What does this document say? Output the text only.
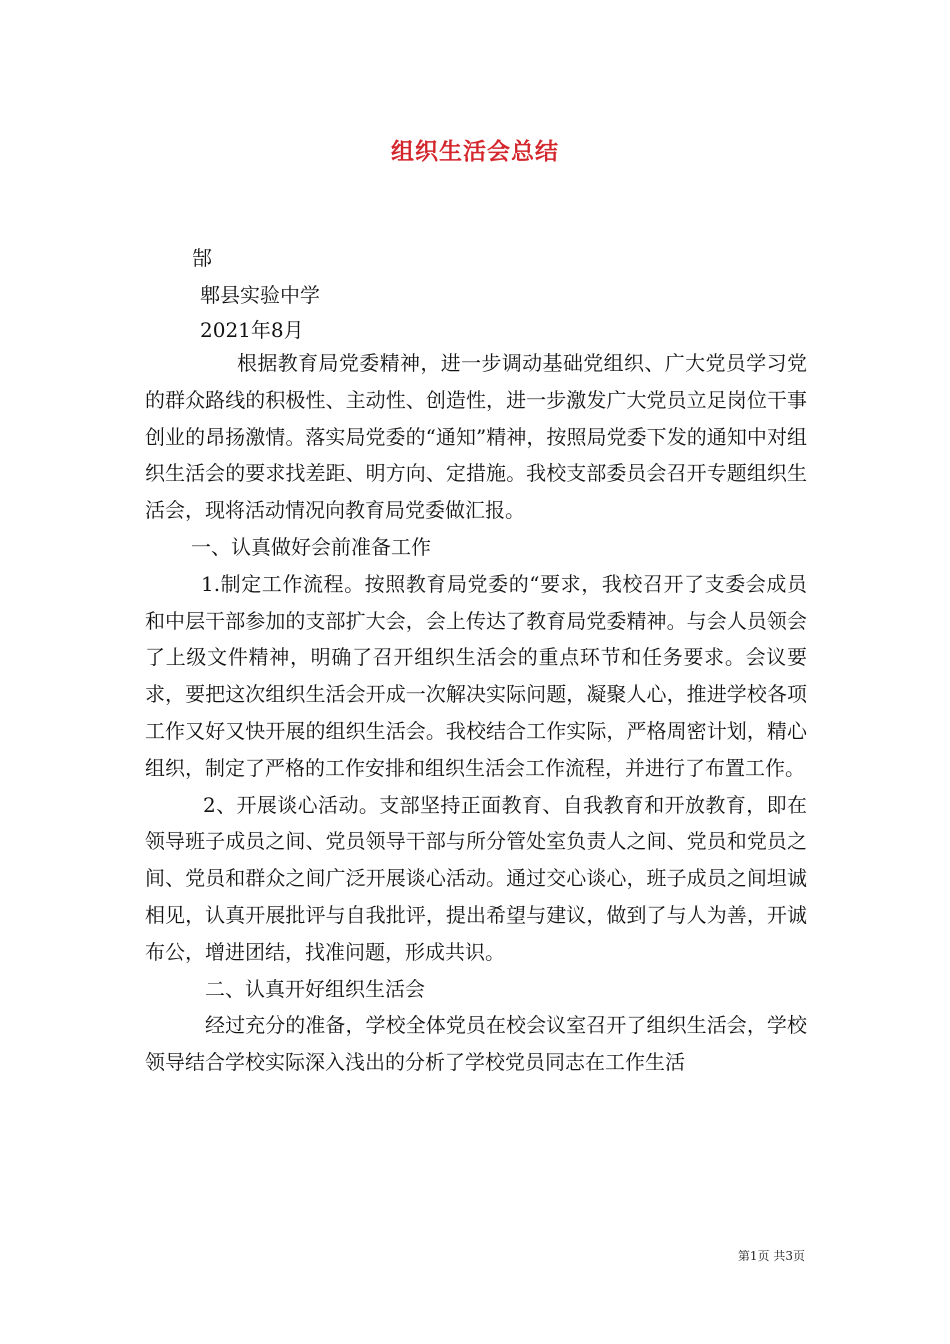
组织生活会总结
郜
郫县实验中学
2021年8月

根据教育局党委精神，进一步调动基础党组织、广大党员学习党的群众路线的积极性、主动性、创造性，进一步激发广大党员立足岗位干事创业的昂扬激情。落实局党委的“通知”精神，按照局党委下发的通知中对组织生活会的要求找差距、明方向、定措施。我校支部委员会召开专题组织生活会，现将活动情况向教育局党委做汇报。

一、认真做好会前准备工作

1.制定工作流程。按照教育局党委的“要求，我校召开了支委会成员和中层干部参加的支部扩大会，会上传达了教育局党委精神。与会人员领会了上级文件精神，明确了召开组织生活会的重点环节和任务要求。会议要求，要把这次组织生活会开成一次解决实际问题，凝聚人心，推进学校各项工作又好又快开展的组织生活会。我校结合工作实际，严格周密计划，精心组织，制定了严格的工作安排和组织生活会工作流程，并进行了布置工作。

2、开展谈心活动。支部坚持正面教育、自我教育和开放教育，即在领导班子成员之间、党员领导干部与所分管处室负责人之间、党员和党员之间、党员和群众之间广泛开展谈心活动。通过交心谈心，班子成员之间坦诚相见，认真开展批评与自我批评，提出希望与建议，做到了与人为善，开诚布公，增进团结，找准问题，形成共识。

二、认真开好组织生活会

经过充分的准备，学校全体党员在校会议室召开了组织生活会，学校领导结合学校实际深入浅出的分析了学校党员同志在工作生活

第1页 共3页
